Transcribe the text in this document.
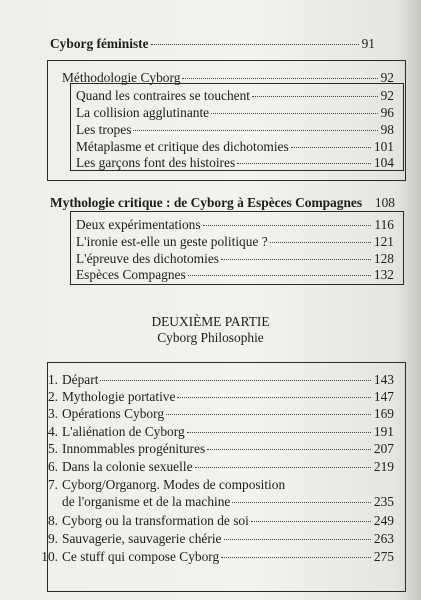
Cyborg féministe	91
Méthodologie Cyborg	92
Quand les contraires se touchent	92
La collision agglutinante	96
Les tropes	98
Métaplasme et critique des dichotomies	101
Les garçons font des histoires	104
Mythologie critique : de Cyborg à Espèces Compagnes 108
Deux expérimentations	116
L'ironie est-elle un geste politique ?	121
L'épreuve des dichotomies	128
Espèces Compagnes	132
DEUXIÈME PARTIE
Cyborg Philosophie
1. Départ	143
2. Mythologie portative	147
3. Opérations Cyborg	169
4. L'aliénation de Cyborg	191
5. Innommables progénitures	207
6. Dans la colonie sexuelle	219
7. Cyborg/Organorg. Modes de composition
de l'organisme et de la machine	235
8. Cyborg ou la transformation de soi	249
9. Sauvagerie, sauvagerie chérie	263
10. Ce stuff qui compose Cyborg	275
